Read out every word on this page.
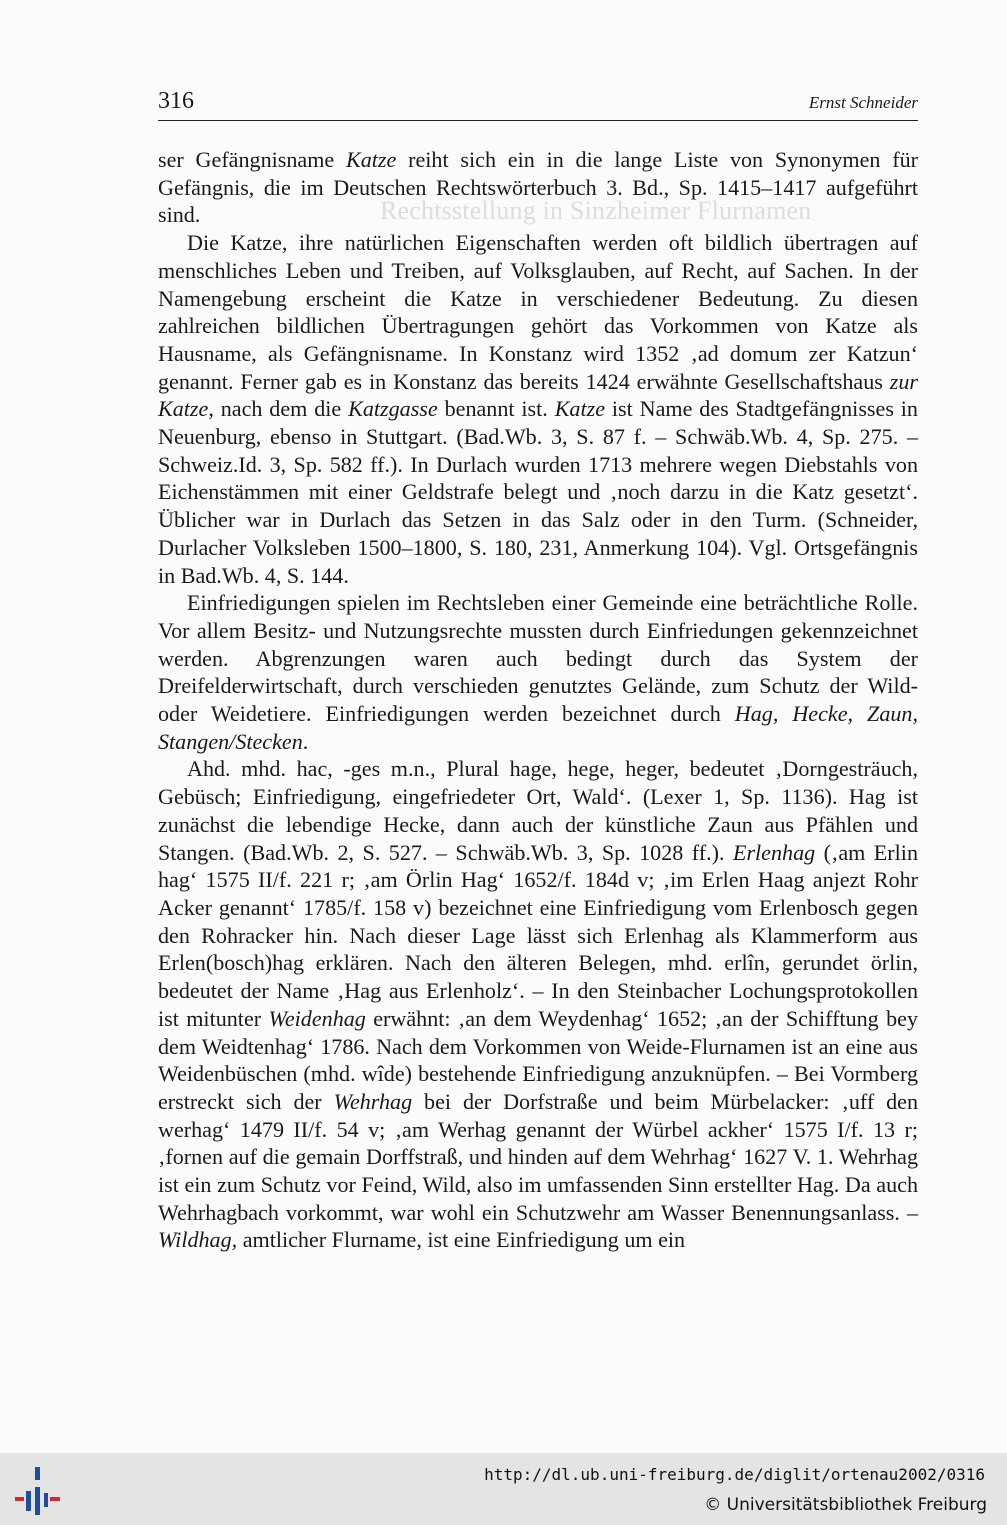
Rechtsstellung in Sinzheimer Flurnamen
316	Ernst Schneider

ser Gefängnisname Katze reiht sich ein in die lange Liste von Synonymen für Gefängnis, die im Deutschen Rechtswörterbuch 3. Bd., Sp. 1415–1417 aufgeführt sind.

Die Katze, ihre natürlichen Eigenschaften werden oft bildlich übertragen auf menschliches Leben und Treiben, auf Volksglauben, auf Recht, auf Sachen. In der Namengebung erscheint die Katze in verschiedener Bedeutung. Zu diesen zahlreichen bildlichen Übertragungen gehört das Vorkommen von Katze als Hausname, als Gefängnisname. In Konstanz wird 1352 ‚ad domum zer Katzun‘ genannt. Ferner gab es in Konstanz das bereits 1424 erwähnte Gesellschaftshaus zur Katze, nach dem die Katzgasse benannt ist. Katze ist Name des Stadtgefängnisses in Neuenburg, ebenso in Stuttgart. (Bad.Wb. 3, S. 87 f. – Schwäb.Wb. 4, Sp. 275. – Schweiz.Id. 3, Sp. 582 ff.). In Durlach wurden 1713 mehrere wegen Diebstahls von Eichenstämmen mit einer Geldstrafe belegt und ‚noch darzu in die Katz gesetzt‘. Üblicher war in Durlach das Setzen in das Salz oder in den Turm. (Schneider, Durlacher Volksleben 1500–1800, S. 180, 231, Anmerkung 104). Vgl. Ortsgefängnis in Bad.Wb. 4, S. 144.

Einfriedigungen spielen im Rechtsleben einer Gemeinde eine beträchtliche Rolle. Vor allem Besitz- und Nutzungsrechte mussten durch Einfriedungen gekennzeichnet werden. Abgrenzungen waren auch bedingt durch das System der Dreifelderwirtschaft, durch verschieden genutztes Gelände, zum Schutz der Wild- oder Weidetiere. Einfriedigungen werden bezeichnet durch Hag, Hecke, Zaun, Stangen/Stecken.

Ahd. mhd. hac, -ges m.n., Plural hage, hege, heger, bedeutet ‚Dorngesträuch, Gebüsch; Einfriedigung, eingefriedeter Ort, Wald‘. (Lexer 1, Sp. 1136). Hag ist zunächst die lebendige Hecke, dann auch der künstliche Zaun aus Pfählen und Stangen. (Bad.Wb. 2, S. 527. – Schwäb.Wb. 3, Sp. 1028 ff.). Erlenhag (‚am Erlin hag‘ 1575 II/f. 221 r; ‚am Örlin Hag‘ 1652/f. 184d v; ‚im Erlen Haag anjezt Rohr Acker genannt‘ 1785/f. 158 v) bezeichnet eine Einfriedigung vom Erlenbosch gegen den Rohracker hin. Nach dieser Lage lässt sich Erlenhag als Klammerform aus Erlen(bosch)hag erklären. Nach den älteren Belegen, mhd. erlîn, gerundet örlin, bedeutet der Name ‚Hag aus Erlenholz‘. – In den Steinbacher Lochungsprotokollen ist mitunter Weidenhag erwähnt: ‚an dem Weydenhag‘ 1652; ‚an der Schifftung bey dem Weidtenhag‘ 1786. Nach dem Vorkommen von Weide-Flurnamen ist an eine aus Weidenbüschen (mhd. wîde) bestehende Einfriedigung anzuknüpfen. – Bei Vormberg erstreckt sich der Wehrhag bei der Dorfstraße und beim Mürbelacker: ‚uff den werhag‘ 1479 II/f. 54 v; ‚am Werhag genannt der Würbel ackher‘ 1575 I/f. 13 r; ‚fornen auf die gemain Dorffstraß, und hinden auf dem Wehrhag‘ 1627 V. 1. Wehrhag ist ein zum Schutz vor Feind, Wild, also im umfassenden Sinn erstellter Hag. Da auch Wehrhagbach vorkommt, war wohl ein Schutzwehr am Wasser Benennungsanlass. – Wildhag, amtlicher Flurname, ist eine Einfriedigung um ein

http://dl.ub.uni-freiburg.de/diglit/ortenau2002/0316
© Universitätsbibliothek Freiburg
